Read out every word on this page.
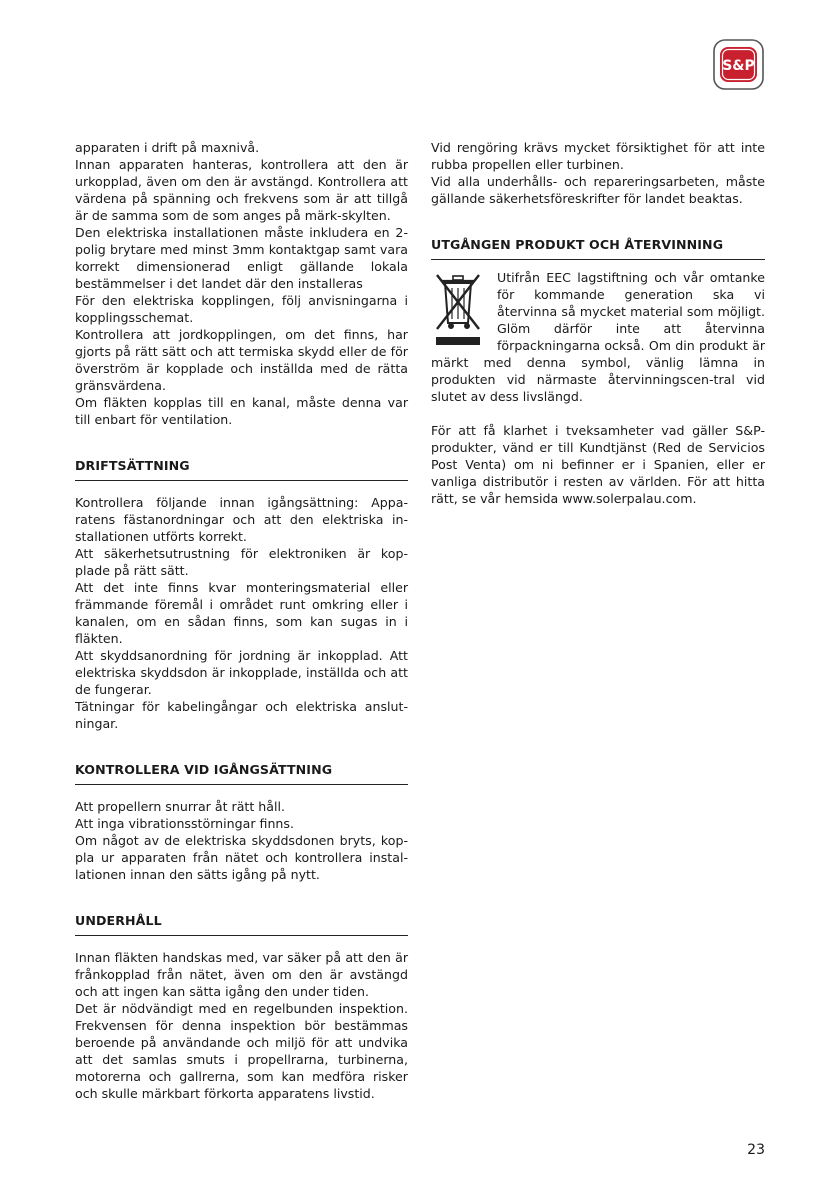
S&P

apparaten i drift på maxnivå.

Innan apparaten hanteras, kontrollera att den är urkopplad, även om den är avstängd. Kontrollera att värdena på spänning och frekvens som är att tillgå är de samma som de som anges på märk-skylten.

Den elektriska installationen måste inkludera en 2-polig brytare med minst 3mm kontaktgap samt vara korrekt dimensionerad enligt gällande lokala bestämmelser i det landet där den installeras

För den elektriska kopplingen, följ anvisningarna i kopplingsschemat.

Kontrollera att jordkopplingen, om det finns, har gjorts på rätt sätt och att termiska skydd eller de för överström är kopplade och inställda med de rätta gränsvärdena.

Om fläkten kopplas till en kanal, måste denna var till enbart för ventilation.

DRIFTSÄTTNING

Kontrollera följande innan igångsättning: Appa-ratens fästanordningar och att den elektriska in-stallationen utförts korrekt.

Att säkerhetsutrustning för elektroniken är kop-plade på rätt sätt.

Att det inte finns kvar monteringsmaterial eller främmande föremål i området runt omkring eller i kanalen, om en sådan finns, som kan sugas in i fläkten.

Att skyddsanordning för jordning är inkopplad. Att elektriska skyddsdon är inkopplade, inställda och att de fungerar.

Tätningar för kabelingångar och elektriska anslut-ningar.

KONTROLLERA VID IGÅNGSÄTTNING

Att propellern snurrar åt rätt håll.

Att inga vibrationsstörningar finns.

Om något av de elektriska skyddsdonen bryts, kop-pla ur apparaten från nätet och kontrollera instal-lationen innan den sätts igång på nytt.

UNDERHÅLL

Innan fläkten handskas med, var säker på att den är frånkopplad från nätet, även om den är avstängd och att ingen kan sätta igång den under tiden.

Det är nödvändigt med en regelbunden inspektion. Frekvensen för denna inspektion bör bestämmas beroende på användande och miljö för att undvika att det samlas smuts i propellrarna, turbinerna, motorerna och gallrerna, som kan medföra risker och skulle märkbart förkorta apparatens livstid.

Vid rengöring krävs mycket försiktighet för att inte rubba propellen eller turbinen.

Vid alla underhålls- och repareringsarbeten, måste gällande säkerhetsföreskrifter för landet beaktas.

UTGÅNGEN PRODUKT OCH ÅTERVINNING

Utifrån EEC lagstiftning och vår omtanke för kommande generation ska vi återvinna så mycket material som möjligt. Glöm därför inte att återvinna förpackningarna också. Om din produkt är märkt med denna symbol, vänlig lämna in produkten vid närmaste återvinningscen-tral vid slutet av dess livslängd.

För att få klarhet i tveksamheter vad gäller S&P-produkter, vänd er till Kundtjänst (Red de Servicios Post Venta) om ni befinner er i Spanien, eller er vanliga distributör i resten av världen. För att hitta rätt, se vår hemsida www.solerpalau.com.

23
